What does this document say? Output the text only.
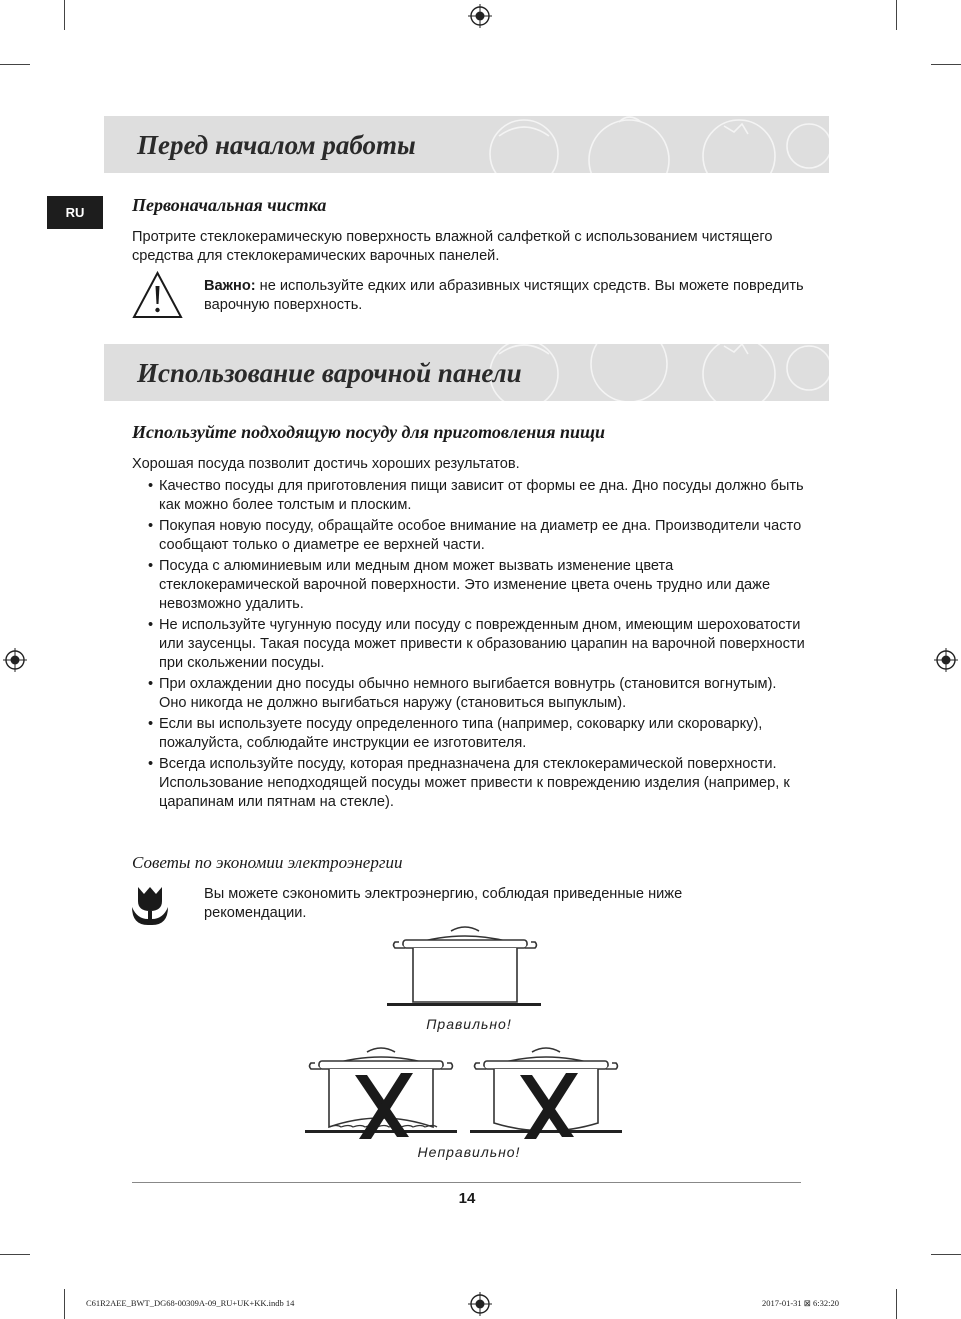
Перед началом работы
RU	Первоначальная чистка

Протрите стеклокерамическую поверхность влажной салфеткой с использованием чистящего средства для стеклокерамических варочных панелей.

Важно: не используйте едких или абразивных чистящих средств. Вы можете повредить варочную поверхность.

Использование варочной панели
Используйте подходящую посуду для приготовления пищи

Хорошая посуда позволит достичь хороших результатов.

• Качество посуды для приготовления пищи зависит от формы ее дна. Дно посуды должно быть как можно более толстым и плоским.
• Покупая новую посуду, обращайте особое внимание на диаметр ее дна. Производители часто сообщают только о диаметре ее верхней части.
• Посуда с алюминиевым или медным дном может вызвать изменение цвета стеклокерамической варочной поверхности. Это изменение цвета очень трудно или даже невозможно удалить.
• Не используйте чугунную посуду или посуду с поврежденным дном, имеющим шероховатости или заусенцы. Такая посуда может привести к образованию царапин на варочной поверхности при скольжении посуды.
• При охлаждении дно посуды обычно немного выгибается вовнутрь (становится вогнутым). Оно никогда не должно выгибаться наружу (становиться выпуклым).
• Если вы используете посуду определенного типа (например, соковарку или скороварку), пожалуйста, соблюдайте инструкции ее изготовителя.
• Всегда используйте посуду, которая предназначена для стеклокерамической поверхности.
Использование неподходящей посуды может привести к повреждению изделия (например, к царапинам или пятнам на стекле).
Советы по экономии электроэнергии

Вы можете сэкономить электроэнергию, соблюдая приведенные ниже рекомендации.

Правильно!
Неправильно!
14
C61R2AEE_BWT_DG68-00309A-09_RU+UK+KK.indb 14	2017-01-31 ⊠ 6:32:20
